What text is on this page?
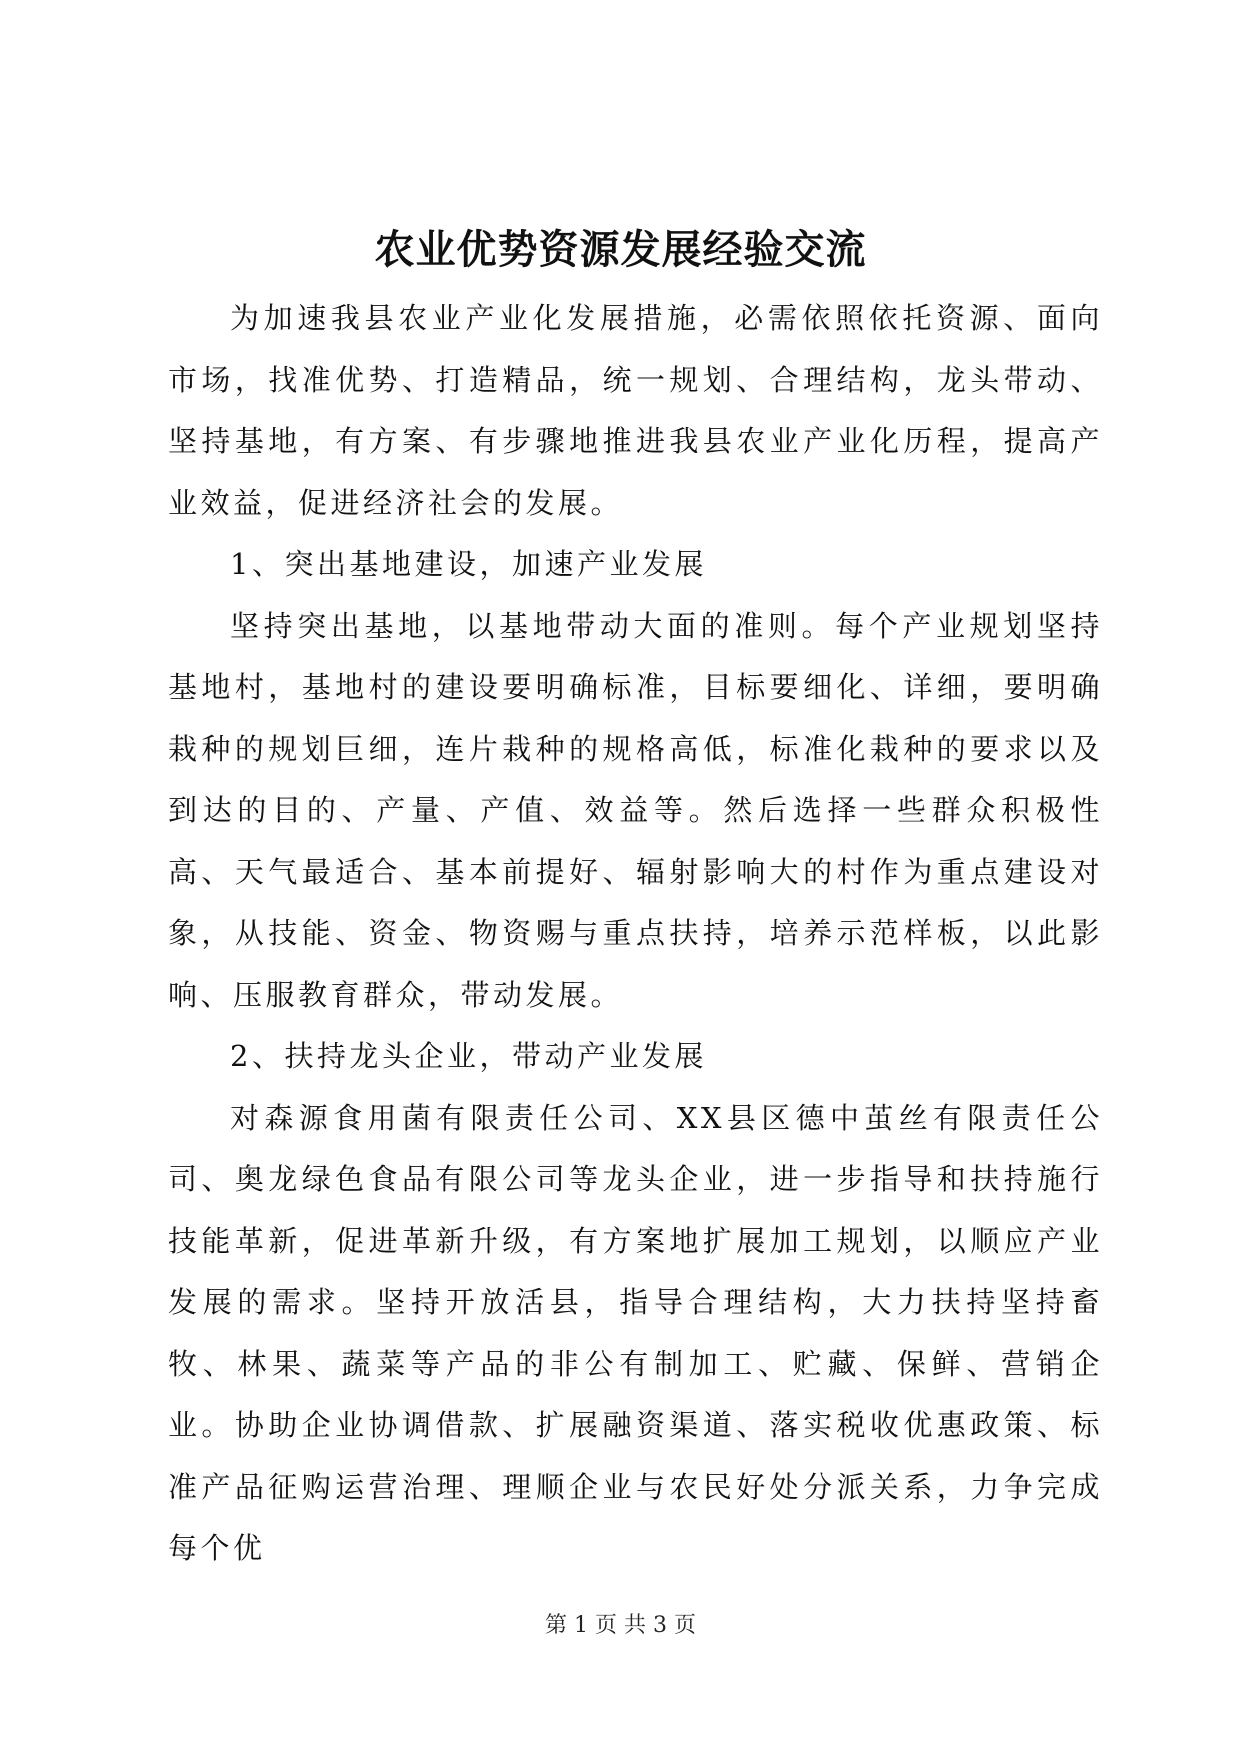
农业优势资源发展经验交流

为加速我县农业产业化发展措施，必需依照依托资源、面向市场，找准优势、打造精品，统一规划、合理结构，龙头带动、坚持基地，有方案、有步骤地推进我县农业产业化历程，提高产业效益，促进经济社会的发展。

1、突出基地建设，加速产业发展

坚持突出基地，以基地带动大面的准则。每个产业规划坚持基地村，基地村的建设要明确标准，目标要细化、详细，要明确栽种的规划巨细，连片栽种的规格高低，标准化栽种的要求以及到达的目的、产量、产值、效益等。然后选择一些群众积极性高、天气最适合、基本前提好、辐射影响大的村作为重点建设对象，从技能、资金、物资赐与重点扶持，培养示范样板，以此影响、压服教育群众，带动发展。

2、扶持龙头企业，带动产业发展

对森源食用菌有限责任公司、XX县区德中茧丝有限责任公司、奥龙绿色食品有限公司等龙头企业，进一步指导和扶持施行技能革新，促进革新升级，有方案地扩展加工规划，以顺应产业发展的需求。坚持开放活县，指导合理结构，大力扶持坚持畜牧、林果、蔬菜等产品的非公有制加工、贮藏、保鲜、营销企业。协助企业协调借款、扩展融资渠道、落实税收优惠政策、标准产品征购运营治理、理顺企业与农民好处分派关系，力争完成每个优

第 1 页 共 3 页
